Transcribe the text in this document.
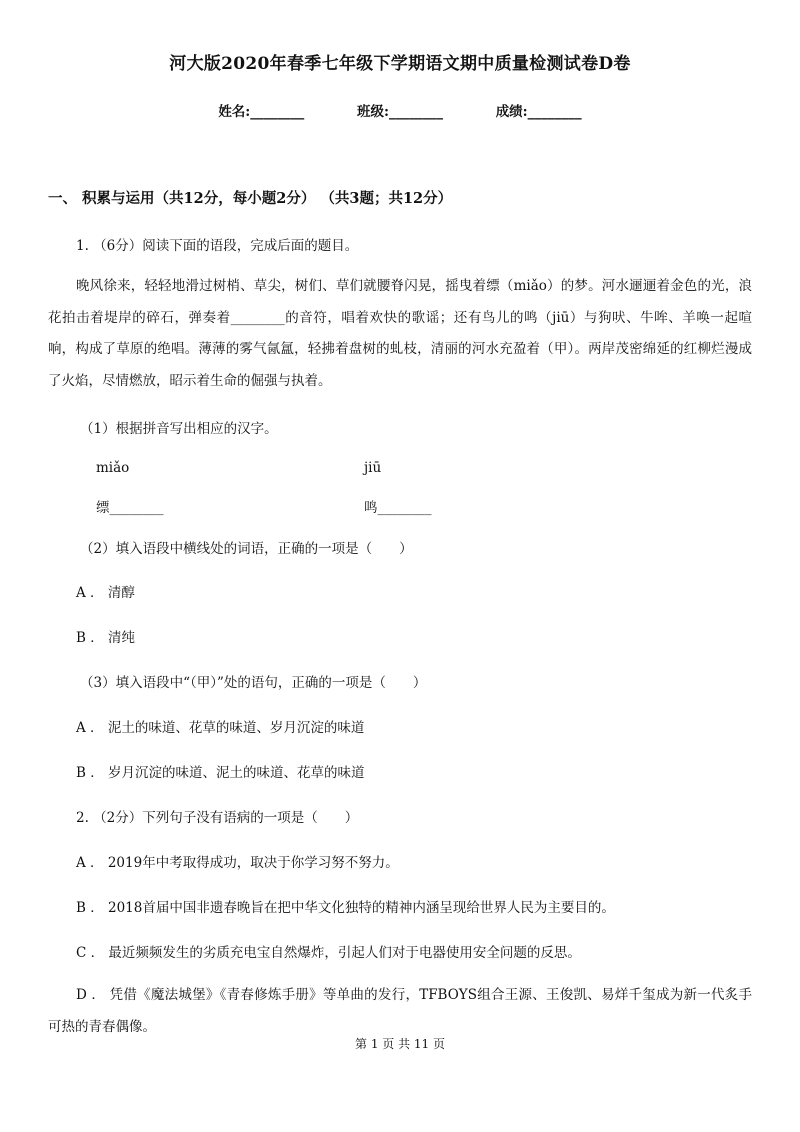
河大版2020年春季七年级下学期语文期中质量检测试卷D卷
姓名:________	班级:________	成绩:________
一、 积累与运用（共12分，每小题2分） （共3题；共12分）
1. （6分）阅读下面的语段，完成后面的题目。
晚风徐来，轻轻地滑过树梢、草尖，树们、草们就腰脊闪晃，摇曳着缥（miǎo）的梦。河水逦逦着金色的光，浪花拍击着堤岸的碎石，弹奏着________的音符，唱着欢快的歌谣；还有鸟儿的鸣（jiū）与狗吠、牛哞、羊唤一起喧响，构成了草原的绝唱。薄薄的雾气氤氲，轻拂着盘树的虬枝，清丽的河水充盈着（甲）。两岸茂密绵延的红柳烂漫成了火焰，尽情燃放，昭示着生命的倔强与执着。
（1）根据拼音写出相应的汉字。
miǎo	jiū
缥________	鸣________
（2）填入语段中横线处的词语，正确的一项是（　　）
A ． 清醇
B ． 清纯
（3）填入语段中“（甲）”处的语句，正确的一项是（　　）
A ． 泥土的味道、花草的味道、岁月沉淀的味道
B ． 岁月沉淀的味道、泥土的味道、花草的味道
2. （2分）下列句子没有语病的一项是（　　）
A ． 2019年中考取得成功，取决于你学习努不努力。
B ． 2018首届中国非遗春晚旨在把中华文化独特的精神内涵呈现给世界人民为主要目的。
C ． 最近频频发生的劣质充电宝自然爆炸，引起人们对于电器使用安全问题的反思。
D ． 凭借《魔法城堡》《青春修炼手册》等单曲的发行，TFBOYS组合王源、王俊凯、易烊千玺成为新一代炙手可热的青春偶像。
第 1 页 共 11 页
